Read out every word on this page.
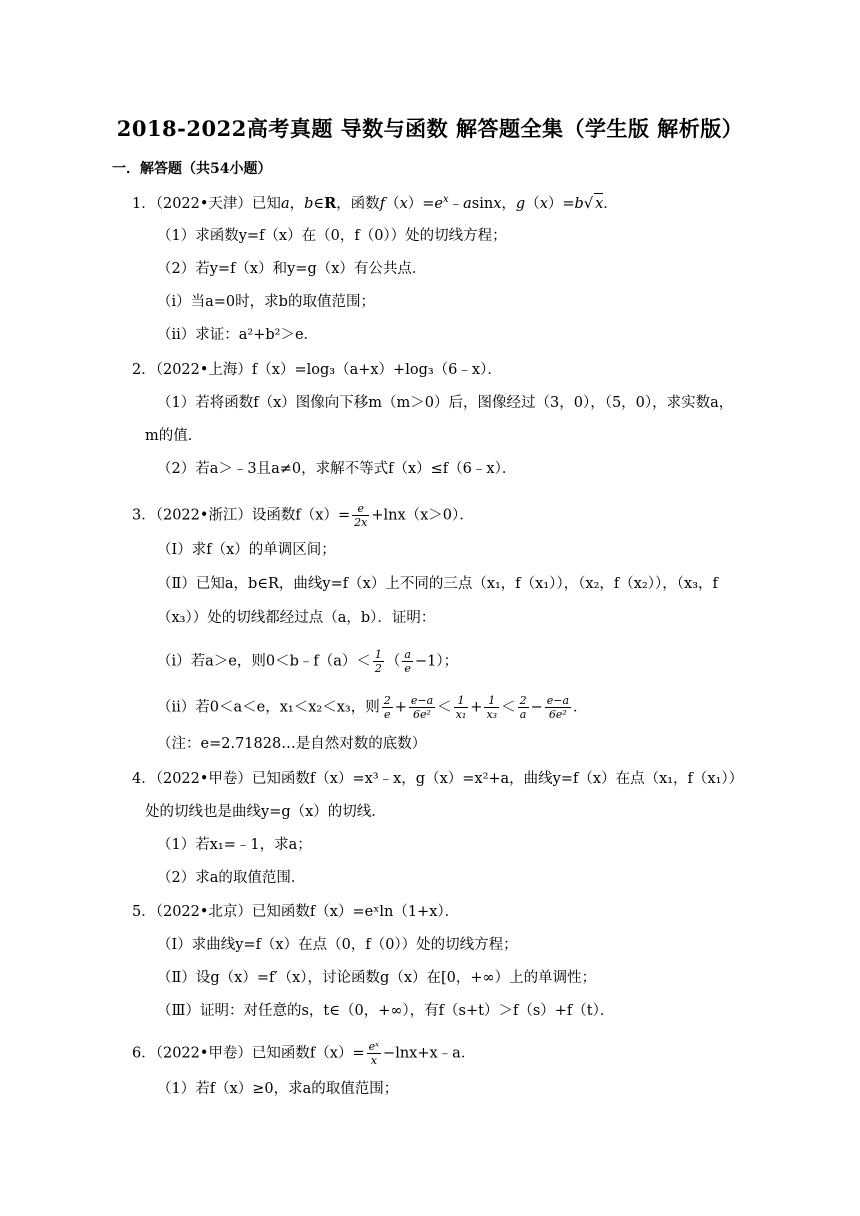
2018-2022高考真题 导数与函数 解答题全集（学生版 解析版）
一．解答题（共54小题）
1．（2022•天津）已知a，b∈R，函数$f(x)=e^x﹣asinx$，g（x）=b√ x．
（1）求函数y=f（x）在（0，f（0））处的切线方程；
（2）若y=f（x）和y=g（x）有公共点．
（ⅰ）当a=0时，求b的取值范围；
（ⅱ）求证：a²+b²＞e．
2．（2022•上海）f（x）=log₃（a+x）+log₃（6﹣x）．
（1）若将函数f（x）图像向下移m（m＞0）后，图像经过（3，0），（5，0），求实数a，
m的值．
（2）若a＞﹣3且a≠0，求解不等式f（x）≤f（6﹣x）．
3．（2022•浙江）设函数$f(x)= \frac{e}{2x} +\ln x(x>0)$．
（Ⅰ）求f（x）的单调区间；
（Ⅱ）已知a，b∈R，曲线y=f（x）上不同的三点（x₁，f（x₁）），（x₂，f（x₂）），（x₃，f
（x₃））处的切线都经过点（a，b）．证明：
（ⅰ）若a＞e，则0＜b﹣f（a）＜ $\frac{1}{2}$ （ $\frac{a}{e} -1$）；
（ⅱ）若0＜a＜e，x₁＜x₂＜x₃，则 $\frac{2}{e} + \frac{e-a}{\text{6e²}} < \frac{1}{\text{x₁}} + \frac{1}{\text{x₃}} < \frac{2}{a} - \frac{e-a}{\text{6e²}}$ ．
（注：e=2.71828…是自然对数的底数）
4．（2022•甲卷）已知函数f（x）=x³﹣x，g（x）=x²+a，曲线y=f（x）在点（x₁，f（x₁））
处的切线也是曲线y=g（x）的切线．
（1）若x₁=﹣1，求a；
（2）求a的取值范围．
5．（2022•北京）已知函数f（x）=eˣln（1+x）．
（Ⅰ）求曲线y=f（x）在点（0，f（0））处的切线方程；
（Ⅱ）设g（x）=f′（x），讨论函数g（x）在[0，+∞）上的单调性；
（Ⅲ）证明：对任意的s，t∈（0，+∞），有f（s+t）＞f（s）+f（t）．
6．（2022•甲卷）已知函数$f(x)= \frac{\text{eˣ}}{x}$ −lnx+x﹣a．
（1）若f（x）≥0，求a的取值范围；
